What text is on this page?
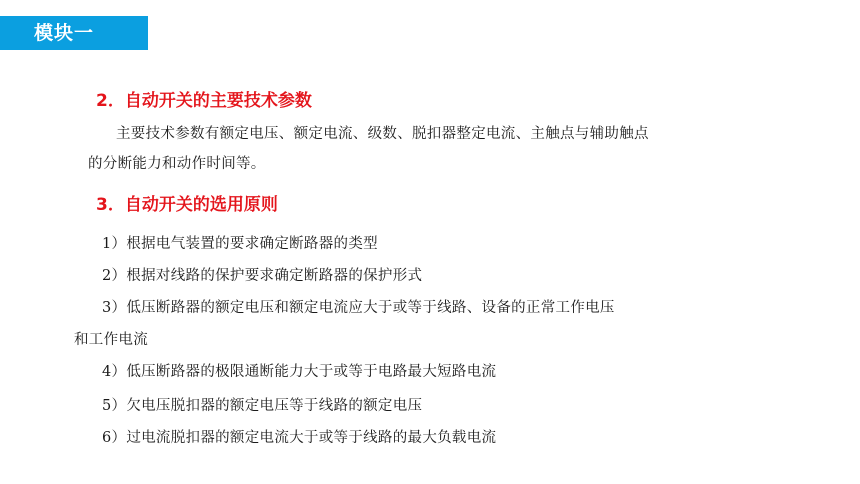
模块一
2．自动开关的主要技术参数
主要技术参数有额定电压、额定电流、级数、脱扣器整定电流、主触点与辅助触点
的分断能力和动作时间等。
3．自动开关的选用原则
1）根据电气装置的要求确定断路器的类型
2）根据对线路的保护要求确定断路器的保护形式
3）低压断路器的额定电压和额定电流应大于或等于线路、设备的正常工作电压
和工作电流
4）低压断路器的极限通断能力大于或等于电路最大短路电流
5）欠电压脱扣器的额定电压等于线路的额定电压
6）过电流脱扣器的额定电流大于或等于线路的最大负载电流
